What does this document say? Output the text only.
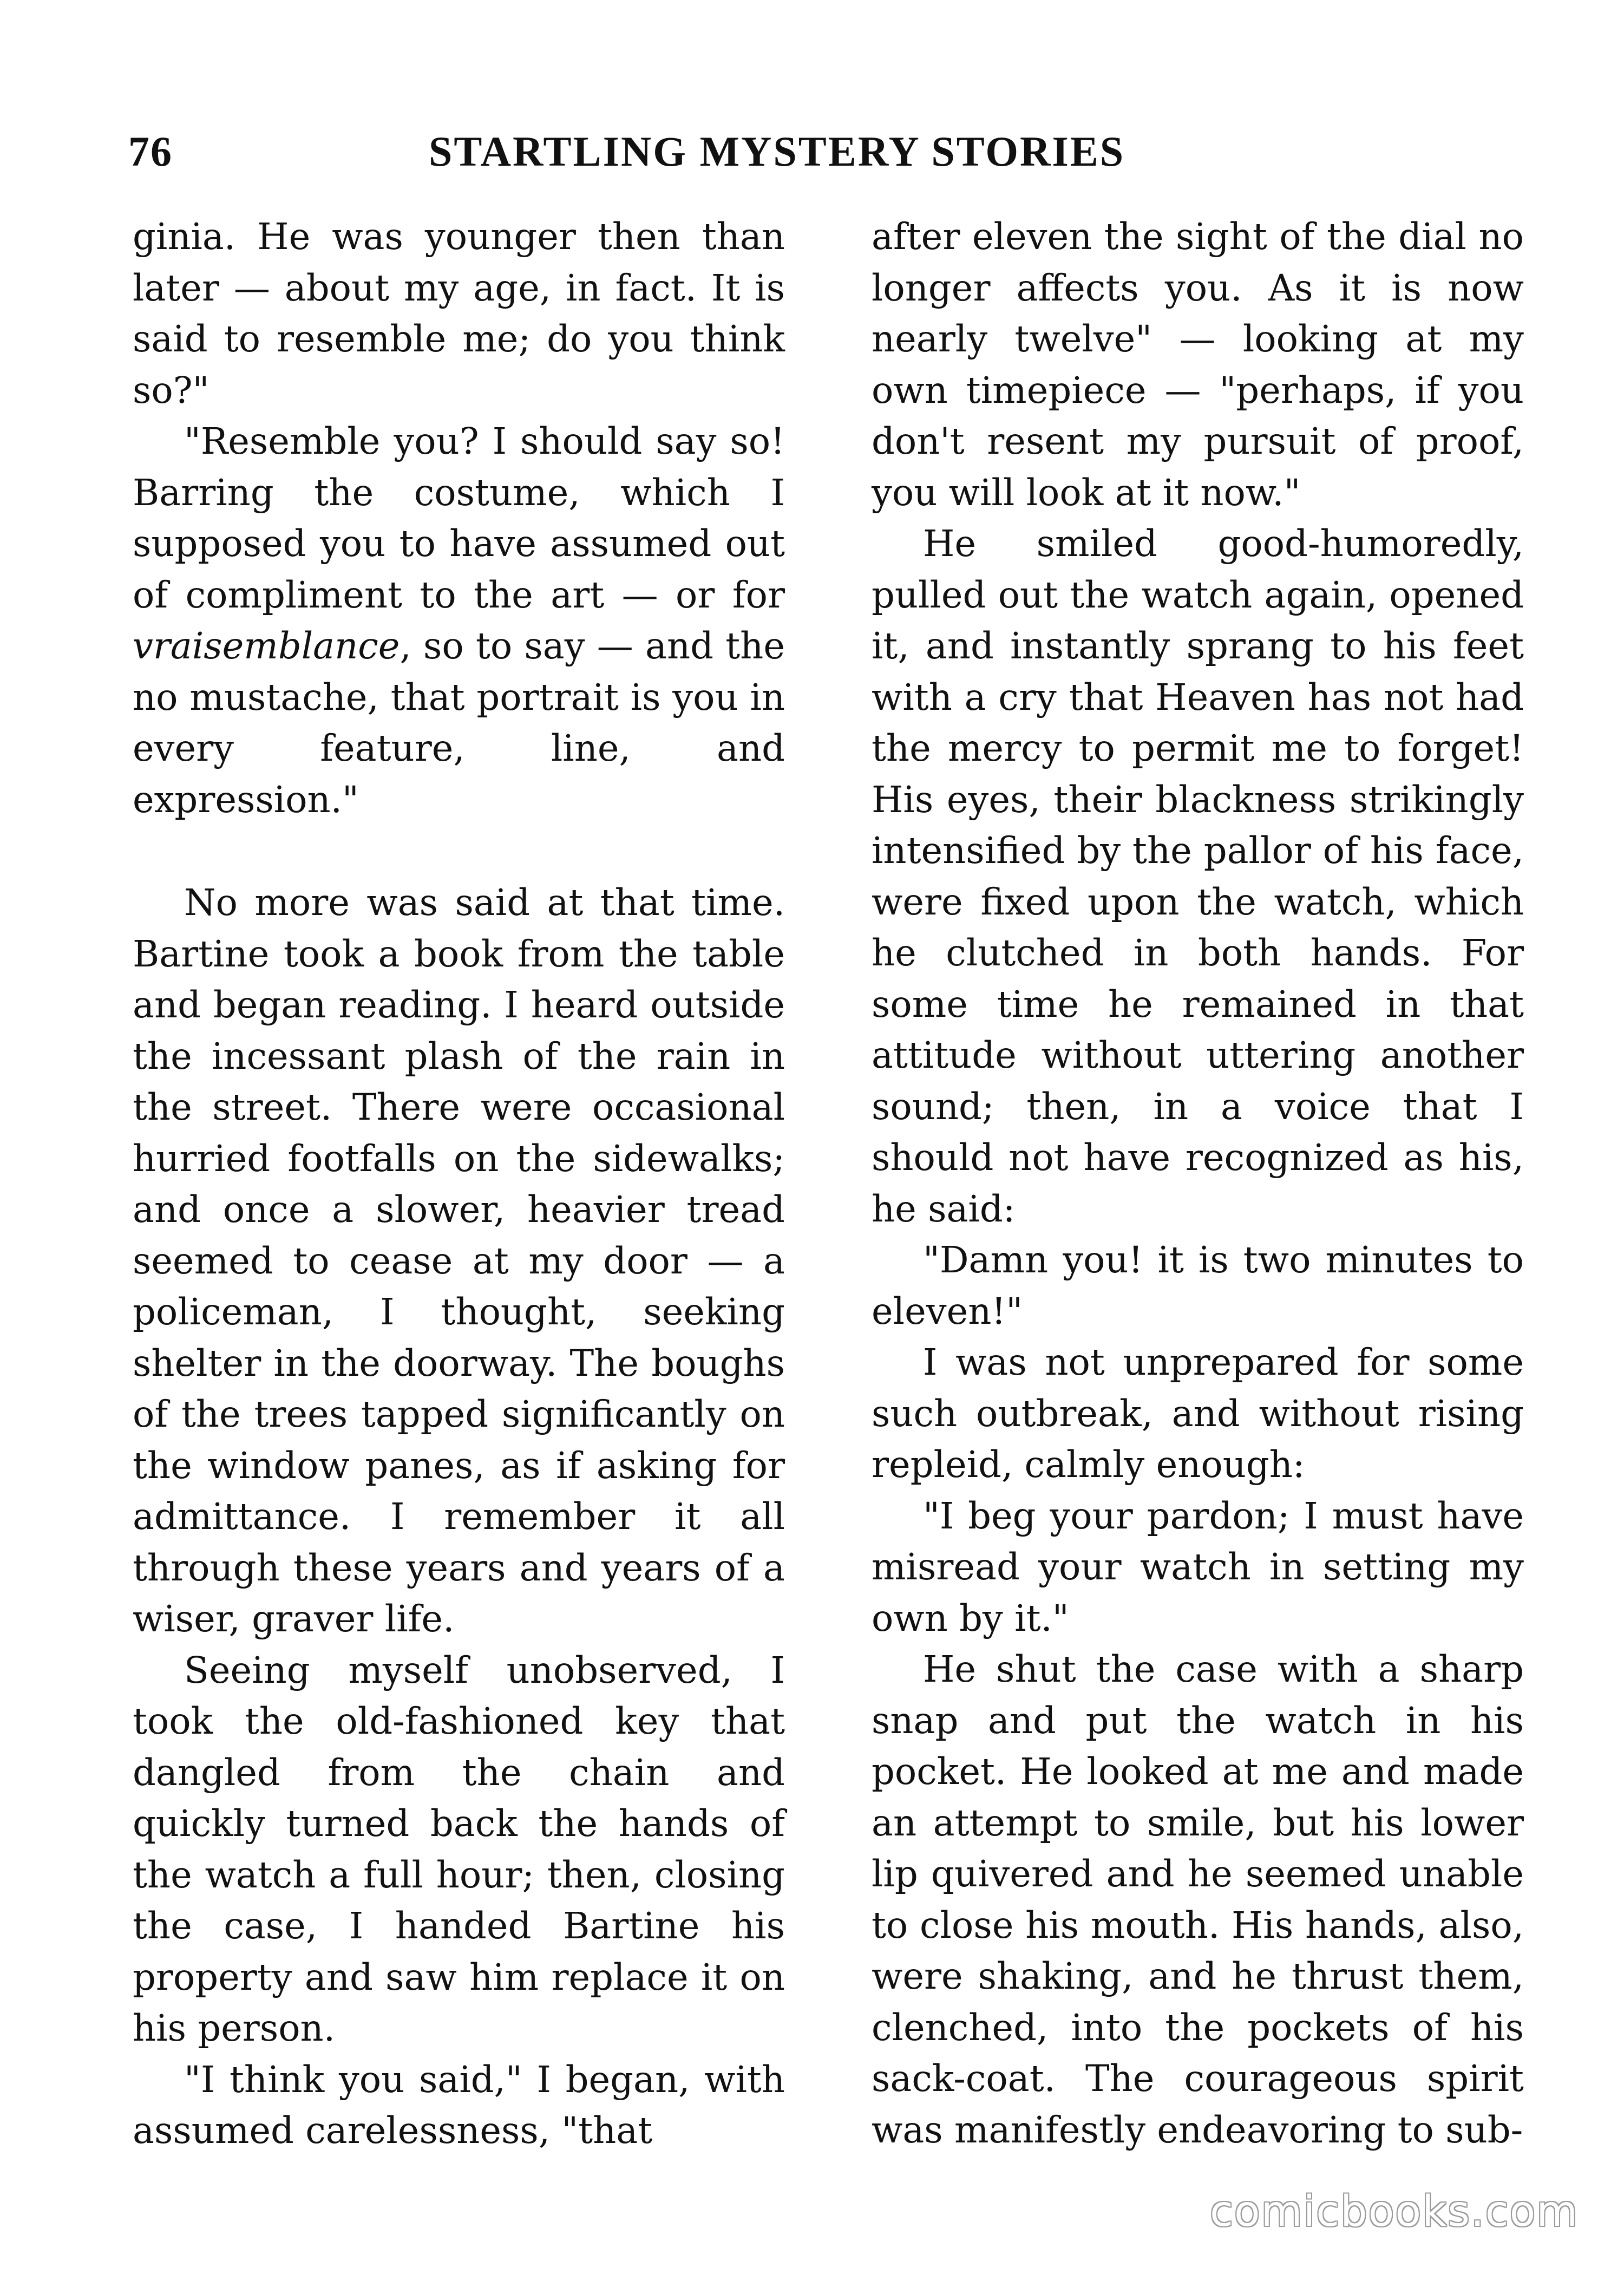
76	STARTLING MYSTERY STORIES

ginia. He was younger then than later — about my age, in fact. It is said to resemble me; do you think so?"

"Resemble you? I should say so! Barring the costume, which I supposed you to have assumed out of compliment to the art — or for vraisemblance, so to say — and the no mustache, that portrait is you in every feature, line, and expression."

No more was said at that time. Bartine took a book from the table and began reading. I heard outside the incessant plash of the rain in the street. There were occasional hurried footfalls on the sidewalks; and once a slower, heavier tread seemed to cease at my door — a policeman, I thought, seeking shelter in the doorway. The boughs of the trees tapped significantly on the window panes, as if asking for admittance. I remember it all through these years and years of a wiser, graver life.

Seeing myself unobserved, I took the old-fashioned key that dangled from the chain and quickly turned back the hands of the watch a full hour; then, closing the case, I handed Bartine his property and saw him replace it on his person.

"I think you said," I began, with assumed carelessness, "that

after eleven the sight of the dial no longer affects you. As it is now nearly twelve" — looking at my own timepiece — "perhaps, if you don't resent my pursuit of proof, you will look at it now."

He smiled good-humoredly, pulled out the watch again, opened it, and instantly sprang to his feet with a cry that Heaven has not had the mercy to permit me to forget! His eyes, their blackness strikingly intensified by the pallor of his face, were fixed upon the watch, which he clutched in both hands. For some time he remained in that attitude without uttering another sound; then, in a voice that I should not have recognized as his, he said:

"Damn you! it is two minutes to eleven!"

I was not unprepared for some such outbreak, and without rising repleid, calmly enough:

"I beg your pardon; I must have misread your watch in setting my own by it."

He shut the case with a sharp snap and put the watch in his pocket. He looked at me and made an attempt to smile, but his lower lip quivered and he seemed unable to close his mouth. His hands, also, were shaking, and he thrust them, clenched, into the pockets of his sack-coat. The courageous spirit was manifestly endeavoring to sub-

comicbooks.com
